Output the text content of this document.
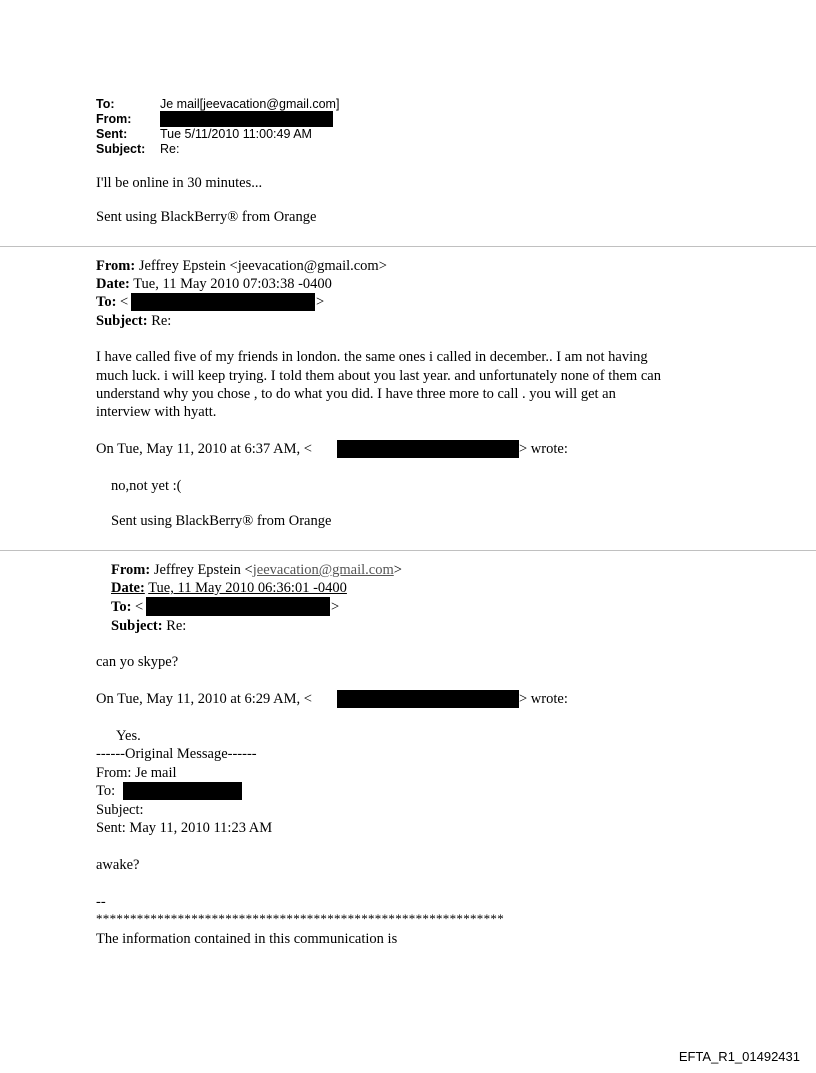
To:	Je mail[jeevacation@gmail.com]
From:
Sent:	Tue 5/11/2010 11:00:49 AM
Subject: Re:
I'll be online in 30 minutes...
Sent using BlackBerry® from Orange
From: Jeffrey Epstein <jeevacation@gmail.com>
Date: Tue, 11 May 2010 07:03:38 -0400
To: <	>
Subject: Re:
I have called five of my friends in london. the same ones i called in december.. I am not having
much luck. i will keep trying. I told them about you last year. and unfortunately none of them can
understand why you chose , to do what you did. I have three more to call . you will get an
interview with hyatt.
On Tue, May 11, 2010 at 6:37 AM, <	> wrote:
no,not yet :(
Sent using BlackBerry® from Orange
From: Jeffrey Epstein <jeevacation@gmail.com>
Date: Tue, 11 May 2010 06:36:01 -0400
To: <	>
Subject: Re:
can yo skype?
On Tue, May 11, 2010 at 6:29 AM, <	> wrote:
Yes.
------Original Message------
From: Je mail
To:
Subject:
Sent: May 11, 2010 11:23 AM
awake?
--
************************************************************
The information contained in this communication is
EFTA_R1_01492431
